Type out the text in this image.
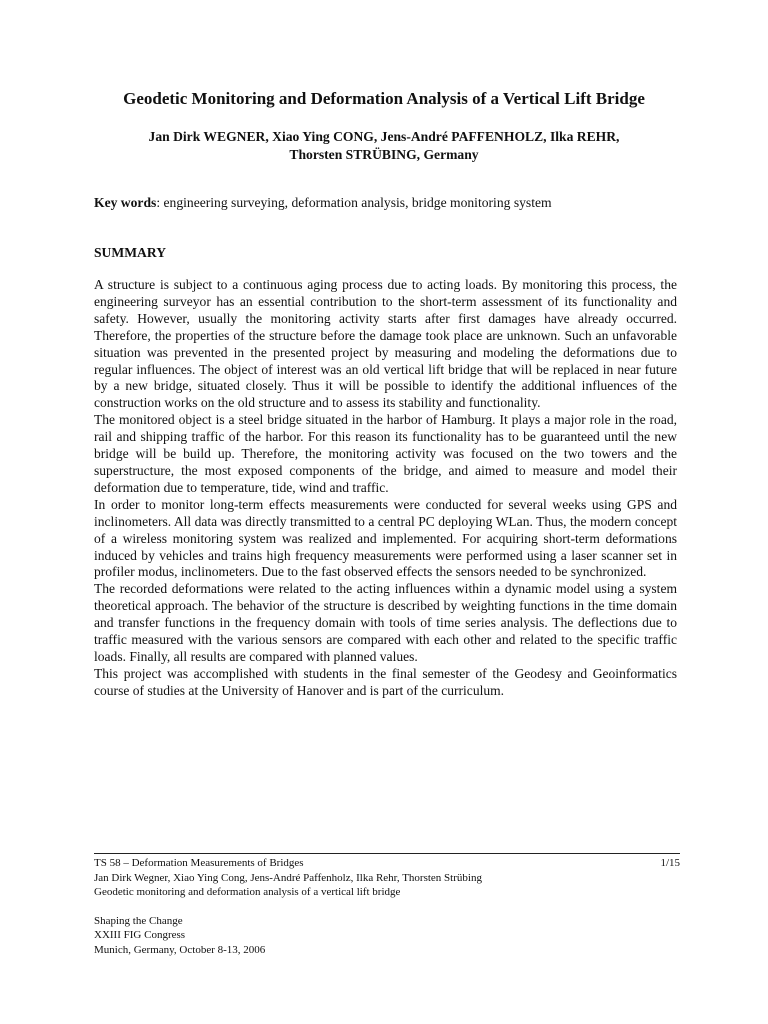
Geodetic Monitoring and Deformation Analysis of a Vertical Lift Bridge
Jan Dirk WEGNER, Xiao Ying CONG, Jens-André PAFFENHOLZ, Ilka REHR,
Thorsten STRÜBING, Germany
Key words: engineering surveying, deformation analysis, bridge monitoring system
SUMMARY

A structure is subject to a continuous aging process due to acting loads. By monitoring this process, the engineering surveyor has an essential contribution to the short-term assessment of its functionality and safety. However, usually the monitoring activity starts after first damages have already occurred. Therefore, the properties of the structure before the damage took place are unknown. Such an unfavorable situation was prevented in the presented project by measuring and modeling the deformations due to regular influences. The object of interest was an old vertical lift bridge that will be replaced in near future by a new bridge, situated closely. Thus it will be possible to identify the additional influences of the construction works on the old structure and to assess its stability and functionality.

The monitored object is a steel bridge situated in the harbor of Hamburg. It plays a major role in the road, rail and shipping traffic of the harbor. For this reason its functionality has to be guaranteed until the new bridge will be build up. Therefore, the monitoring activity was focused on the two towers and the superstructure, the most exposed components of the bridge, and aimed to measure and model their deformation due to temperature, tide, wind and traffic.

In order to monitor long-term effects measurements were conducted for several weeks using GPS and inclinometers. All data was directly transmitted to a central PC deploying WLan. Thus, the modern concept of a wireless monitoring system was realized and implemented. For acquiring short-term deformations induced by vehicles and trains high frequency measurements were performed using a laser scanner set in profiler modus, inclinometers. Due to the fast observed effects the sensors needed to be synchronized.

The recorded deformations were related to the acting influences within a dynamic model using a system theoretical approach. The behavior of the structure is described by weighting functions in the time domain and transfer functions in the frequency domain with tools of time series analysis. The deflections due to traffic measured with the various sensors are compared with each other and related to the specific traffic loads. Finally, all results are compared with planned values.

This project was accomplished with students in the final semester of the Geodesy and Geoinformatics course of studies at the University of Hanover and is part of the curriculum.

TS 58 – Deformation Measurements of Bridges	1/15
Jan Dirk Wegner, Xiao Ying Cong, Jens-André Paffenholz, Ilka Rehr, Thorsten Strübing
Geodetic monitoring and deformation analysis of a vertical lift bridge
Shaping the Change
XXIII FIG Congress
Munich, Germany, October 8-13, 2006
